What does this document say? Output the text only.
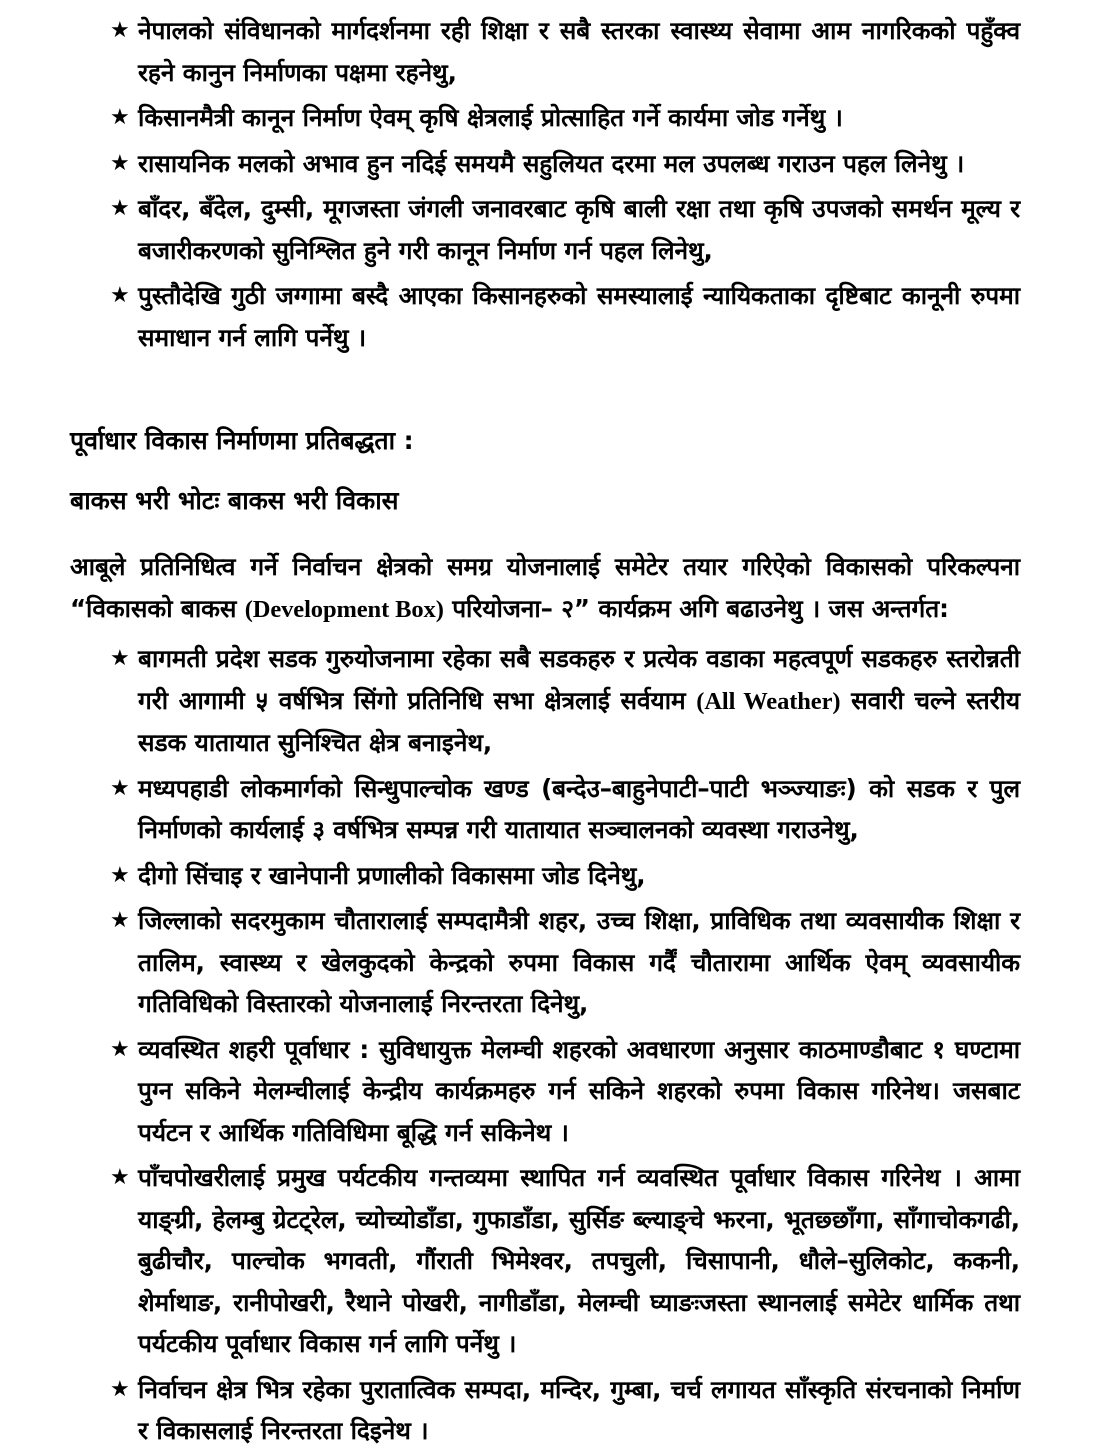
★ नेपालको संविधानको मार्गदर्शनमा रही शिक्षा र सबै स्तरका स्वास्थ्य सेवामा आम नागरिकको पहुँक्व रहने कानुन निर्माणका पक्षमा रहनेथु,
★ किसानमैत्री कानून निर्माण ऐवम् कृषि क्षेत्रलाई प्रोत्साहित गर्ने कार्यमा जोड गर्नेथु ।
★ रासायनिक मलको अभाव हुन नदिई समयमै सहुलियत दरमा मल उपलब्ध गराउन पहल लिनेथु ।
★ बाँदर, बँदेल, दुम्सी, मूगजस्ता जंगली जनावरबाट कृषि बाली रक्षा तथा कृषि उपजको समर्थन मूल्य र बजारीकरणको सुनिश्लित हुने गरी कानून निर्माण गर्न पहल लिनेथु,
★ पुस्तौदेखि गुठी जग्गामा बस्दै आएका किसानहरुको समस्यालाई न्यायिकताका दृष्टिबाट कानूनी रुपमा समाधान गर्न लागि पर्नेथु ।
पूर्वाधार विकास निर्माणमा प्रतिबद्धता :
बाकस भरी भोटः बाकस भरी विकास

आबूले प्रतिनिधित्व गर्ने निर्वाचन क्षेत्रको समग्र योजनालाई समेटेर तयार गरिऐको विकासको परिकल्पना “विकासको बाकस (Development Box) परियोजना– २” कार्यक्रम अगि बढाउनेथु । जस अन्तर्गत:

★ बागमती प्रदेश सडक गुरुयोजनामा रहेका सबै सडकहरु र प्रत्येक वडाका महत्वपूर्ण सडकहरु स्तरोन्नती गरी आगामी ५ वर्षभित्र सिंगो प्रतिनिधि सभा क्षेत्रलाई सर्वयाम (All Weather) सवारी चल्ने स्तरीय सडक यातायात सुनिश्चित क्षेत्र बनाइनेथ,
★ मध्यपहाडी लोकमार्गको सिन्धुपाल्चोक खण्ड (बन्देउ–बाहुनेपाटी–पाटी भञ्ज्याङः) को सडक र पुल निर्माणको कार्यलाई ३ वर्षभित्र सम्पन्न गरी यातायात सञ्चालनको व्यवस्था गराउनेथु,
★ दीगो सिंचाइ र खानेपानी प्रणालीको विकासमा जोड दिनेथु,
★ जिल्लाको सदरमुकाम चौतारालाई सम्पदामैत्री शहर, उच्च शिक्षा, प्राविधिक तथा व्यवसायीक शिक्षा र तालिम, स्वास्थ्य र खेलकुदको केन्द्रको रुपमा विकास गर्दैं चौतारामा आर्थिक ऐवम् व्यवसायीक गतिविधिको विस्तारको योजनालाई निरन्तरता दिनेथु,
★ व्यवस्थित शहरी पूर्वाधार : सुविधायुक्त मेलम्ची शहरको अवधारणा अनुसार काठमाण्डौबाट १ घण्टामा पुग्न सकिने मेलम्चीलाई केन्द्रीय कार्यक्रमहरु गर्न सकिने शहरको रुपमा विकास गरिनेथ। जसबाट पर्यटन र आर्थिक गतिविधिमा बूद्धि गर्न सकिनेथ ।
★ पाँचपोखरीलाई प्रमुख पर्यटकीय गन्तव्यमा स्थापित गर्न व्यवस्थित पूर्वाधार विकास गरिनेथ । आमा याङ्ग्री, हेलम्बु ग्रेटट्रेल, च्योच्योडाँडा, गुफाडाँडा, सुर्सिङ ब्ल्याङ्चे झरना, भूतछ्छाँगा, साँगाचोकगढी, बुढीचौर, पाल्चोक भगवती, गौंराती भिमेश्वर, तपचुली, चिसापानी, धौले–सुलिकोट, ककनी, शेर्माथाङ, रानीपोखरी, रैथाने पोखरी, नागीडाँडा, मेलम्ची घ्याङःजस्ता स्थानलाई समेटेर धार्मिक तथा पर्यटकीय पूर्वाधार विकास गर्न लागि पर्नेथु ।
★ निर्वाचन क्षेत्र भित्र रहेका पुरातात्विक सम्पदा, मन्दिर, गुम्बा, चर्च लगायत साँस्कृति संरचनाको निर्माण र विकासलाई निरन्तरता दिइनेथ ।
